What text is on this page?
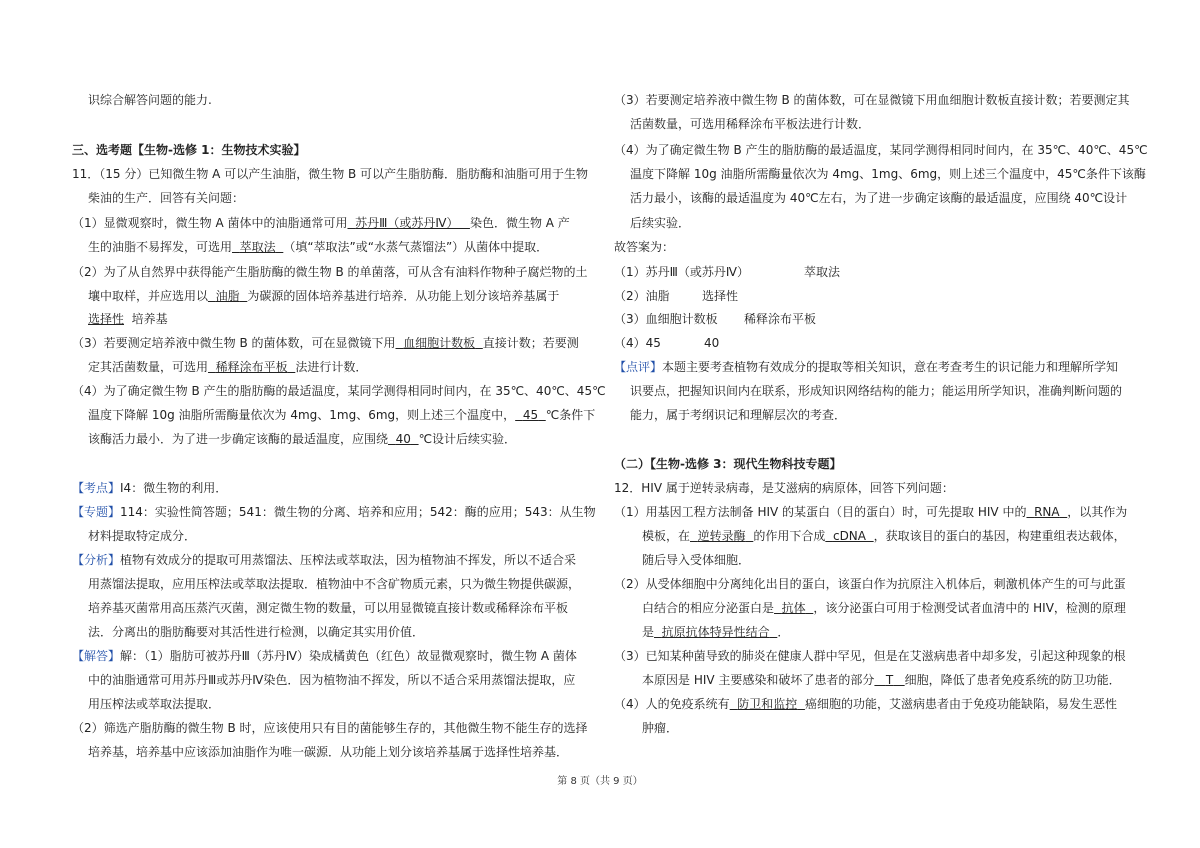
识综合解答问题的能力.
三、选考题【生物-选修 1：生物技术实验】
11．（15 分）已知微生物 A 可以产生油脂，微生物 B 可以产生脂肪酶．脂肪酶和油脂可用于生物
柴油的生产．回答有关问题：
（1）显微观察时，微生物 A 菌体中的油脂通常可用 苏丹Ⅲ（或苏丹Ⅳ） 染色．微生物 A 产
生的油脂不易挥发，可选用 萃取法 （填“萃取法”或“水蒸气蒸馏法”）从菌体中提取．
（2）为了从自然界中获得能产生脂肪酶的微生物 B 的单菌落，可从含有油料作物种子腐烂物的土
壤中取样，并应选用以 油脂 为碳源的固体培养基进行培养．从功能上划分该培养基属于
选择性 培养基
（3）若要测定培养液中微生物 B 的菌体数，可在显微镜下用 血细胞计数板 直接计数；若要测
定其活菌数量，可选用 稀释涂布平板 法进行计数．
（4）为了确定微生物 B 产生的脂肪酶的最适温度，某同学测得相同时间内，在 35℃、40℃、45℃
温度下降解 10g 油脂所需酶量依次为 4mg、1mg、6mg，则上述三个温度中， 45 ℃条件下
该酶活力最小．为了进一步确定该酶的最适温度，应围绕 40 ℃设计后续实验．
【考点】I4：微生物的利用．
【专题】114：实验性简答题；541：微生物的分离、培养和应用；542：酶的应用；543：从生物
材料提取特定成分．
【分析】植物有效成分的提取可用蒸馏法、压榨法或萃取法，因为植物油不挥发，所以不适合采
用蒸馏法提取，应用压榨法或萃取法提取．植物油中不含矿物质元素，只为微生物提供碳源，
培养基灭菌常用高压蒸汽灭菌，测定微生物的数量，可以用显微镜直接计数或稀释涂布平板
法．分离出的脂肪酶要对其活性进行检测，以确定其实用价值．
【解答】解：（1）脂肪可被苏丹Ⅲ（苏丹Ⅳ）染成橘黄色（红色）故显微观察时，微生物 A 菌体
中的油脂通常可用苏丹Ⅲ或苏丹Ⅳ染色．因为植物油不挥发，所以不适合采用蒸馏法提取，应
用压榨法或萃取法提取．
（2）筛选产脂肪酶的微生物 B 时，应该使用只有目的菌能够生存的，其他微生物不能生存的选择
培养基，培养基中应该添加油脂作为唯一碳源．从功能上划分该培养基属于选择性培养基．
（3）若要测定培养液中微生物 B 的菌体数，可在显微镜下用血细胞计数板直接计数；若要测定其
活菌数量，可选用稀释涂布平板法进行计数．
（4）为了确定微生物 B 产生的脂肪酶的最适温度，某同学测得相同时间内，在 35℃、40℃、45℃
温度下降解 10g 油脂所需酶量依次为 4mg、1mg、6mg，则上述三个温度中，45℃条件下该酶
活力最小，该酶的最适温度为 40℃左右，为了进一步确定该酶的最适温度，应围绕 40℃设计
后续实验．
故答案为：
（1）苏丹Ⅲ（或苏丹Ⅳ）	萃取法
（2）油脂	选择性
（3）血细胞计数板 稀释涂布平板
（4）45	40
【点评】本题主要考查植物有效成分的提取等相关知识，意在考查考生的识记能力和理解所学知
识要点，把握知识间内在联系，形成知识网络结构的能力；能运用所学知识，准确判断问题的
能力，属于考纲识记和理解层次的考查．
（二）【生物-选修 3：现代生物科技专题】
12．HIV 属于逆转录病毒，是艾滋病的病原体，回答下列问题：
（1）用基因工程方法制备 HIV 的某蛋白（目的蛋白）时，可先提取 HIV 中的 RNA ，以其作为
模板，在 逆转录酶 的作用下合成 cDNA ，获取该目的蛋白的基因，构建重组表达载体，
随后导入受体细胞．
（2）从受体细胞中分离纯化出目的蛋白，该蛋白作为抗原注入机体后，刺激机体产生的可与此蛋
白结合的相应分泌蛋白是 抗体 ，该分泌蛋白可用于检测受试者血清中的 HIV，检测的原理
是 抗原抗体特异性结合 ．
（3）已知某种菌导致的肺炎在健康人群中罕见，但是在艾滋病患者中却多发，引起这种现象的根
本原因是 HIV 主要感染和破坏了患者的部分 T 细胞，降低了患者免疫系统的防卫功能．
（4）人的免疫系统有 防卫和监控 癌细胞的功能，艾滋病患者由于免疫功能缺陷，易发生恶性
肿瘤．
第 8 页（共 9 页）
